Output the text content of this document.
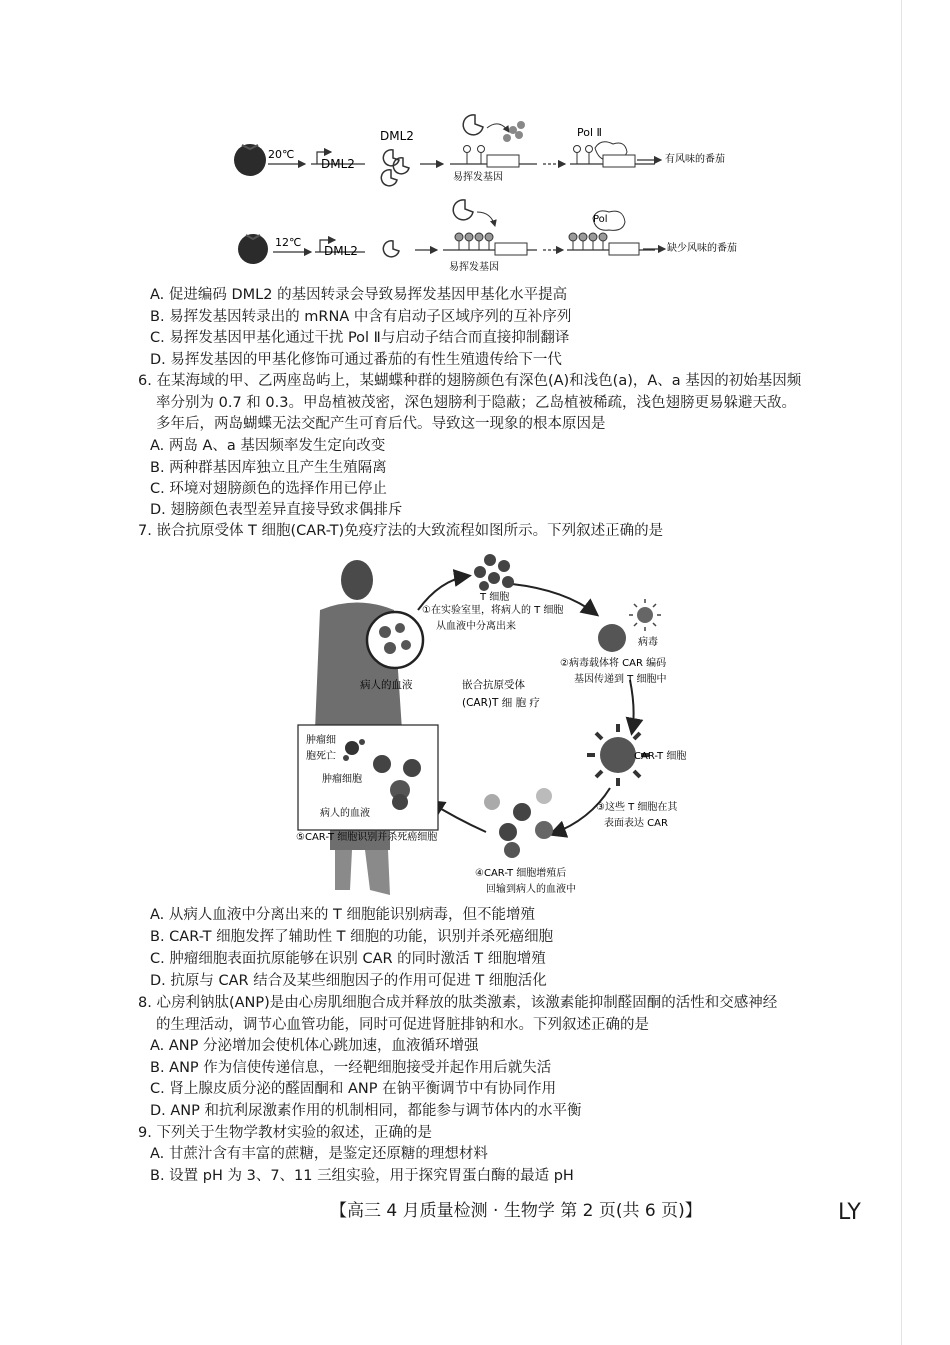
20℃
DML2
DML2
易挥发基因
Pol Ⅱ
有风味的番茄
12℃
DML2
易挥发基因
Pol
缺少风味的番茄
A. 促进编码 DML2 的基因转录会导致易挥发基因甲基化水平提高
B. 易挥发基因转录出的 mRNA 中含有启动子区域序列的互补序列
C. 易挥发基因甲基化通过干扰 Pol Ⅱ与启动子结合而直接抑制翻译
D. 易挥发基因的甲基化修饰可通过番茄的有性生殖遗传给下一代
6. 在某海域的甲、乙两座岛屿上，某蝴蝶种群的翅膀颜色有深色(A)和浅色(a)，A、a 基因的初始基因频
率分别为 0.7 和 0.3。甲岛植被茂密，深色翅膀利于隐蔽；乙岛植被稀疏，浅色翅膀更易躲避天敌。
多年后，两岛蝴蝶无法交配产生可育后代。导致这一现象的根本原因是
A. 两岛 A、a 基因频率发生定向改变
B. 两种群基因库独立且产生生殖隔离
C. 环境对翅膀颜色的选择作用已停止
D. 翅膀颜色表型差异直接导致求偶排斥
7. 嵌合抗原受体 T 细胞(CAR-T)免疫疗法的大致流程如图所示。下列叙述正确的是
病人的血液
T 细胞
①在实验室里，将病人的 T 细胞
从血液中分离出来
病毒
②病毒载体将 CAR 编码
基因传递到 T 细胞中
CAR-T 细胞
③这些 T 细胞在其
表面表达 CAR
④CAR-T 细胞增殖后
回输到病人的血液中
嵌合抗原受体
(CAR)T 细 胞 疗
肿瘤细
胞死亡
肿瘤细胞
病人的血液
⑤CAR-T 细胞识别并杀死癌细胞
A. 从病人血液中分离出来的 T 细胞能识别病毒，但不能增殖
B. CAR-T 细胞发挥了辅助性 T 细胞的功能，识别并杀死癌细胞
C. 肿瘤细胞表面抗原能够在识别 CAR 的同时激活 T 细胞增殖
D. 抗原与 CAR 结合及某些细胞因子的作用可促进 T 细胞活化
8. 心房利钠肽(ANP)是由心房肌细胞合成并释放的肽类激素，该激素能抑制醛固酮的活性和交感神经
的生理活动，调节心血管功能，同时可促进肾脏排钠和水。下列叙述正确的是
A. ANP 分泌增加会使机体心跳加速，血液循环增强
B. ANP 作为信使传递信息，一经靶细胞接受并起作用后就失活
C. 肾上腺皮质分泌的醛固酮和 ANP 在钠平衡调节中有协同作用
D. ANP 和抗利尿激素作用的机制相同，都能参与调节体内的水平衡
9. 下列关于生物学教材实验的叙述，正确的是
A. 甘蔗汁含有丰富的蔗糖，是鉴定还原糖的理想材料
B. 设置 pH 为 3、7、11 三组实验，用于探究胃蛋白酶的最适 pH
【高三 4 月质量检测 · 生物学 第 2 页(共 6 页)】	LY
